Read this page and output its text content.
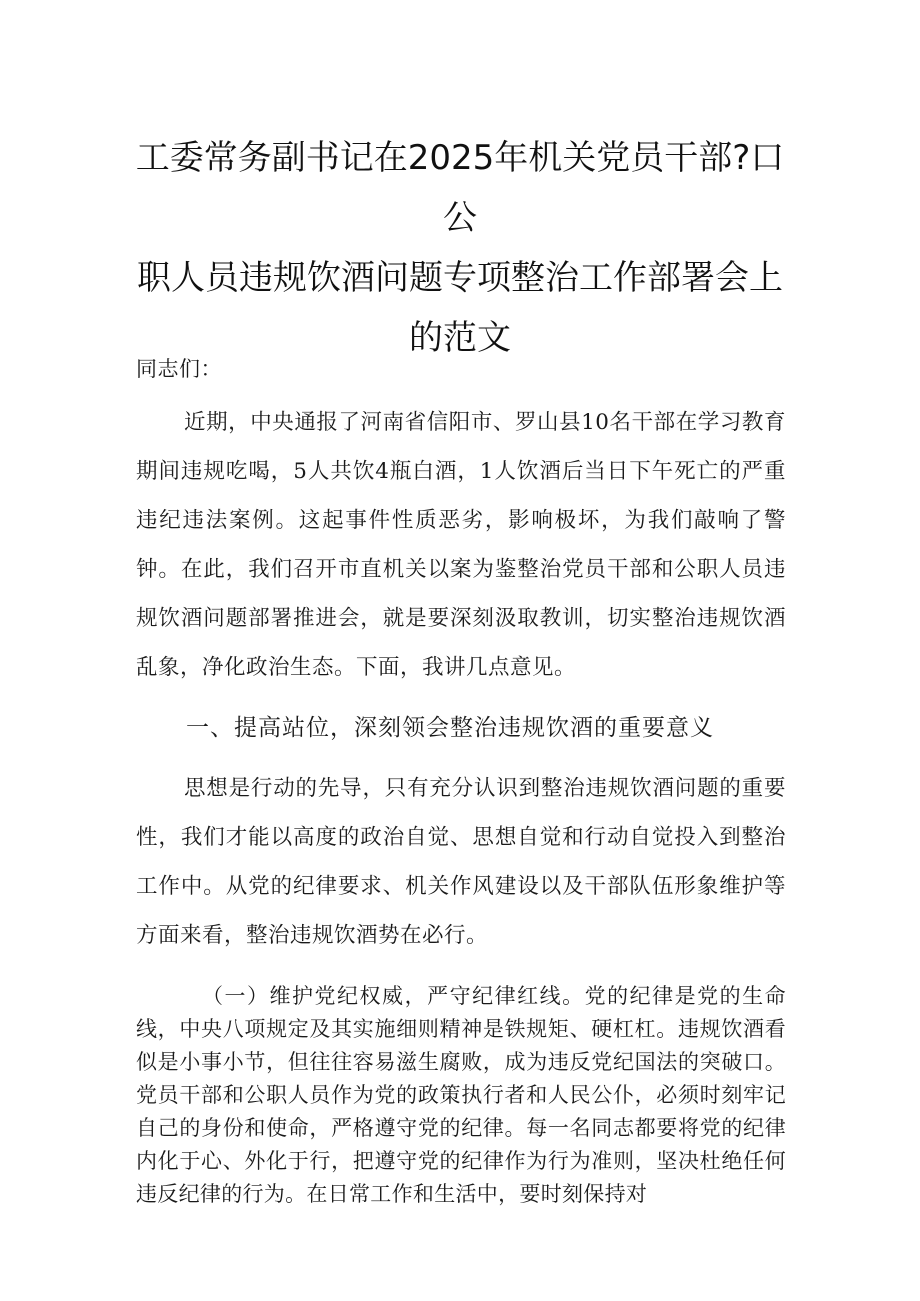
工委常务副书记在2025年机关党员干部?口公
职人员违规饮酒问题专项整治工作部署会上
的范文

同志们：

近期，中央通报了河南省信阳市、罗山县10名干部在学习教育期间违规吃喝，5人共饮4瓶白酒，1人饮酒后当日下午死亡的严重违纪违法案例。这起事件性质恶劣，影响极坏，为我们敲响了警钟。在此，我们召开市直机关以案为鉴整治党员干部和公职人员违规饮酒问题部署推进会，就是要深刻汲取教训，切实整治违规饮酒乱象，净化政治生态。下面，我讲几点意见。

一、提高站位，深刻领会整治违规饮酒的重要意义

思想是行动的先导，只有充分认识到整治违规饮酒问题的重要性，我们才能以高度的政治自觉、思想自觉和行动自觉投入到整治工作中。从党的纪律要求、机关作风建设以及干部队伍形象维护等方面来看，整治违规饮酒势在必行。

（一）维护党纪权威，严守纪律红线。党的纪律是党的生命线，中央八项规定及其实施细则精神是铁规矩、硬杠杠。违规饮酒看似是小事小节，但往往容易滋生腐败，成为违反党纪国法的突破口。党员干部和公职人员作为党的政策执行者和人民公仆，必须时刻牢记自己的身份和使命，严格遵守党的纪律。每一名同志都要将党的纪律内化于心、外化于行，把遵守党的纪律作为行为准则，坚决杜绝任何违反纪律的行为。在日常工作和生活中，要时刻保持对
